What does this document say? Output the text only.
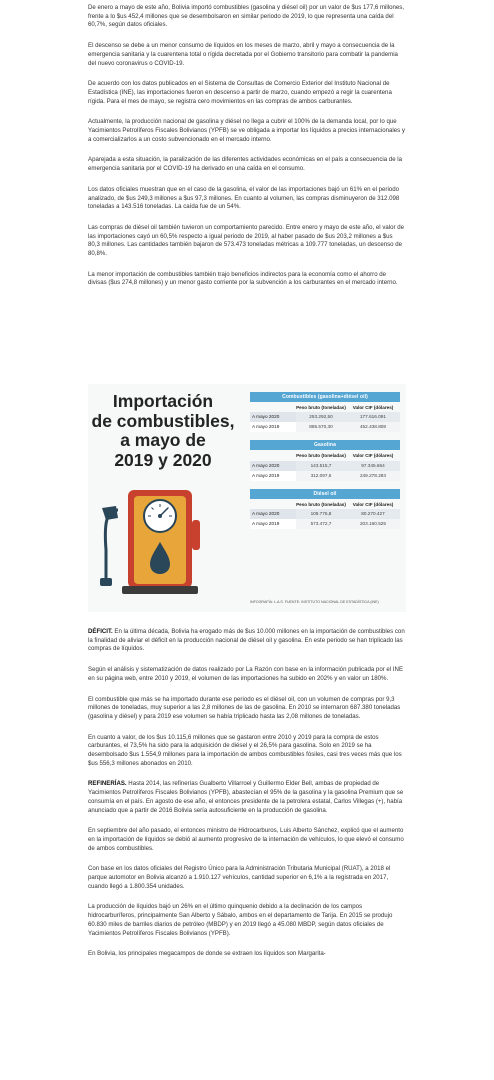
De enero a mayo de este año, Bolivia importó combustibles (gasolina y diésel oil) por un valor de $us 177,6 millones, frente a lo $us 452,4 millones que se desembolsaron en similar periodo de 2019, lo que representa una caída del 60,7%, según datos oficiales.

El descenso se debe a un menor consumo de líquidos en los meses de marzo, abril y mayo a consecuencia de la emergencia sanitaria y la cuarentena total o rígida decretada por el Gobierno transitorio para combatir la pandemia del nuevo coronavirus o COVID-19.

De acuerdo con los datos publicados en el Sistema de Consultas de Comercio Exterior del Instituto Nacional de Estadística (INE), las importaciones fueron en descenso a partir de marzo, cuando empezó a regir la cuarentena rígida. Para el mes de mayo, se registra cero movimientos en las compras de ambos carburantes.

Actualmente, la producción nacional de gasolina y diésel no llega a cubrir el 100% de la demanda local, por lo que Yacimientos Petrolíferos Fiscales Bolivianos (YPFB) se ve obligada a importar los líquidos a precios internacionales y a comercializarlos a un costo subvencionado en el mercado interno.

Aparejada a esta situación, la paralización de las diferentes actividades económicas en el país a consecuencia de la emergencia sanitaria por el COVID-19 ha derivado en una caída en el consumo.

Los datos oficiales muestran que en el caso de la gasolina, el valor de las importaciones bajó un 61% en el periodo analizado, de $us 249,3 millones a $us 97,3 millones. En cuanto al volumen, las compras disminuyeron de 312.098 toneladas a 143.516 toneladas. La caída fue de un 54%.

Las compras de diésel oil también tuvieron un comportamiento parecido. Entre enero y mayo de este año, el valor de las importaciones cayó un 60,5% respecto a igual periodo de 2019, al haber pasado de $us 203,2 millones a $us 80,3 millones. Las cantidades también bajaron de 573.473 toneladas métricas a 109.777 toneladas, un descenso de 80,8%.

La menor importación de combustibles también trajo beneficios indirectos para la economía como el ahorro de divisas ($us 274,8 millones) y un menor gasto corriente por la subvención a los carburantes en el mercado interno.

Importación
de combustibles,
a mayo de
2019 y 2020
Combustibles (gasolina+diésel oil)
Peso bruto (toneladas)	Valor CIF (dólares)
A mayo 2020	253.292,50	177.616.091
A mayo 2019	885.570,30	452.438.808
Gasolina
Peso bruto (toneladas)	Valor CIF (dólares)
A mayo 2020	143.515,7	97.345.664
A mayo 2019	312.097,6	249.278.283
Diésel oil
Peso bruto (toneladas)	Valor CIF (dólares)
A mayo 2020	109.776,8	80.270.427
A mayo 2019	573.472,7	203.160.525
INFOGRAFÍA: L.A.S. FUENTE: INSTITUTO NACIONAL DE ESTADÍSTICA (INE)

DÉFICIT. En la última década, Bolivia ha erogado más de $us 10.000 millones en la importación de combustibles con la finalidad de aliviar el déficit en la producción nacional de diésel oil y gasolina. En este periodo se han triplicado las compras de líquidos.

Según el análisis y sistematización de datos realizado por La Razón con base en la información publicada por el INE en su página web, entre 2010 y 2019, el volumen de las importaciones ha subido en 202% y en valor un 180%.

El combustible que más se ha importado durante ese periodo es el diésel oil, con un volumen de compras por 9,3 millones de toneladas, muy superior a las 2,8 millones de las de gasolina. En 2010 se internaron 687.380 toneladas (gasolina y diésel) y para 2019 ese volumen se había triplicado hasta las 2,08 millones de toneladas.

En cuanto a valor, de los $us 10.115,6 millones que se gastaron entre 2010 y 2019 para la compra de estos carburantes, el 73,5% ha sido para la adquisición de diésel y el 26,5% para gasolina. Solo en 2019 se ha desembolsado $us 1.554,9 millones para la importación de ambos combustibles fósiles, casi tres veces más que los $us 556,3 millones abonados en 2010.

REFINERÍAS. Hasta 2014, las refinerías Gualberto Villarroel y Guillermo Elder Bell, ambas de propiedad de Yacimientos Petrolíferos Fiscales Bolivianos (YPFB), abastecían el 95% de la gasolina y la gasolina Premium que se consumía en el país. En agosto de ese año, el entonces presidente de la petrolera estatal, Carlos Villegas (+), había anunciado que a partir de 2016 Bolivia sería autosuficiente en la producción de gasolina.

En septiembre del año pasado, el entonces ministro de Hidrocarburos, Luis Alberto Sánchez, explicó que el aumento en la importación de líquidos se debió al aumento progresivo de la internación de vehículos, lo que elevó el consumo de ambos combustibles.

Con base en los datos oficiales del Registro Único para la Administración Tributaria Municipal (RUAT), a 2018 el parque automotor en Bolivia alcanzó a 1.910.127 vehículos, cantidad superior en 6,1% a la registrada en 2017, cuando llegó a 1.800.354 unidades.

La producción de líquidos bajó un 26% en el último quinquenio debido a la declinación de los campos hidrocarburíferos, principalmente San Alberto y Sábalo, ambos en el departamento de Tarija. En 2015 se produjo 60.830 miles de barriles diarios de petróleo (MBDP) y en 2019 llegó a 45.080 MBDP, según datos oficiales de Yacimientos Petrolíferos Fiscales Bolivianos (YPFB).

En Bolivia, los principales megacampos de donde se extraen los líquidos son Margarita-
